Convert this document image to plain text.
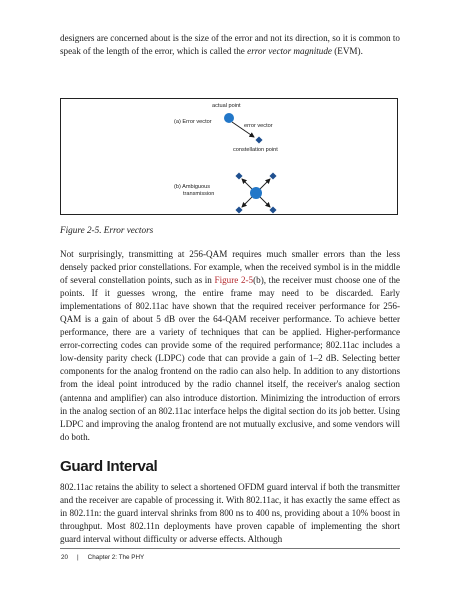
designers are concerned about is the size of the error and not its direction, so it is common to speak of the length of the error, which is called the error vector magnitude (EVM).

actual point
(a) Error vector
error vector
constellation point
(b) Ambiguous
transmission

Figure 2-5. Error vectors

Not surprisingly, transmitting at 256-QAM requires much smaller errors than the less densely packed prior constellations. For example, when the received symbol is in the middle of several constellation points, such as in Figure 2-5(b), the receiver must choose one of the points. If it guesses wrong, the entire frame may need to be discarded. Early implementations of 802.11ac have shown that the required receiver performance for 256-QAM is a gain of about 5 dB over the 64-QAM receiver performance. To achieve better performance, there are a variety of techniques that can be applied. Higher-performance error-correcting codes can provide some of the required performance; 802.11ac includes a low-density parity check (LDPC) code that can provide a gain of 1–2 dB. Selecting better components for the analog frontend on the radio can also help. In addition to any distortions from the ideal point introduced by the radio channel itself, the receiver's analog section (antenna and amplifier) can also introduce distortion. Minimizing the introduction of errors in the analog section of an 802.11ac interface helps the digital section do its job better. Using LDPC and improving the analog frontend are not mutually exclusive, and some vendors will do both.

Guard Interval

802.11ac retains the ability to select a shortened OFDM guard interval if both the transmitter and the receiver are capable of processing it. With 802.11ac, it has exactly the same effect as in 802.11n: the guard interval shrinks from 800 ns to 400 ns, providing about a 10% boost in throughput. Most 802.11n deployments have proven capable of implementing the short guard interval without difficulty or adverse effects. Although

20 | Chapter 2: The PHY
